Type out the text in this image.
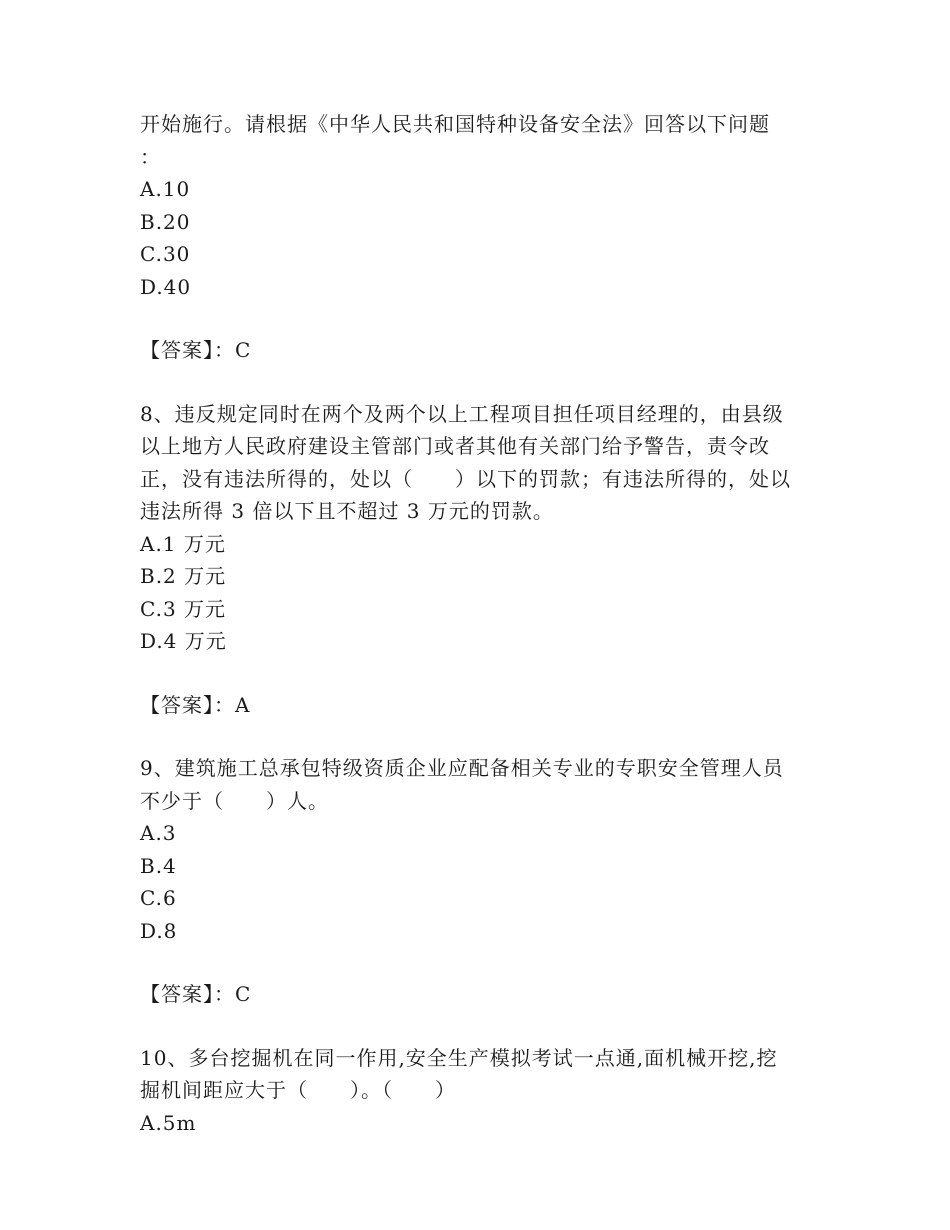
开始施行。请根据《中华人民共和国特种设备安全法》回答以下问题
：
A.10
B.20
C.30
D.40
【答案】：C
8、违反规定同时在两个及两个以上工程项目担任项目经理的，由县级
以上地方人民政府建设主管部门或者其他有关部门给予警告，责令改
正，没有违法所得的，处以（　　）以下的罚款；有违法所得的，处以
违法所得 3 倍以下且不超过 3 万元的罚款。
A.1 万元
B.2 万元
C.3 万元
D.4 万元
【答案】：A
9、建筑施工总承包特级资质企业应配备相关专业的专职安全管理人员
不少于（　　）人。
A.3
B.4
C.6
D.8
【答案】：C
10、多台挖掘机在同一作用,安全生产模拟考试一点通,面机械开挖,挖
掘机间距应大于（　　）。（　　）
A.5m
